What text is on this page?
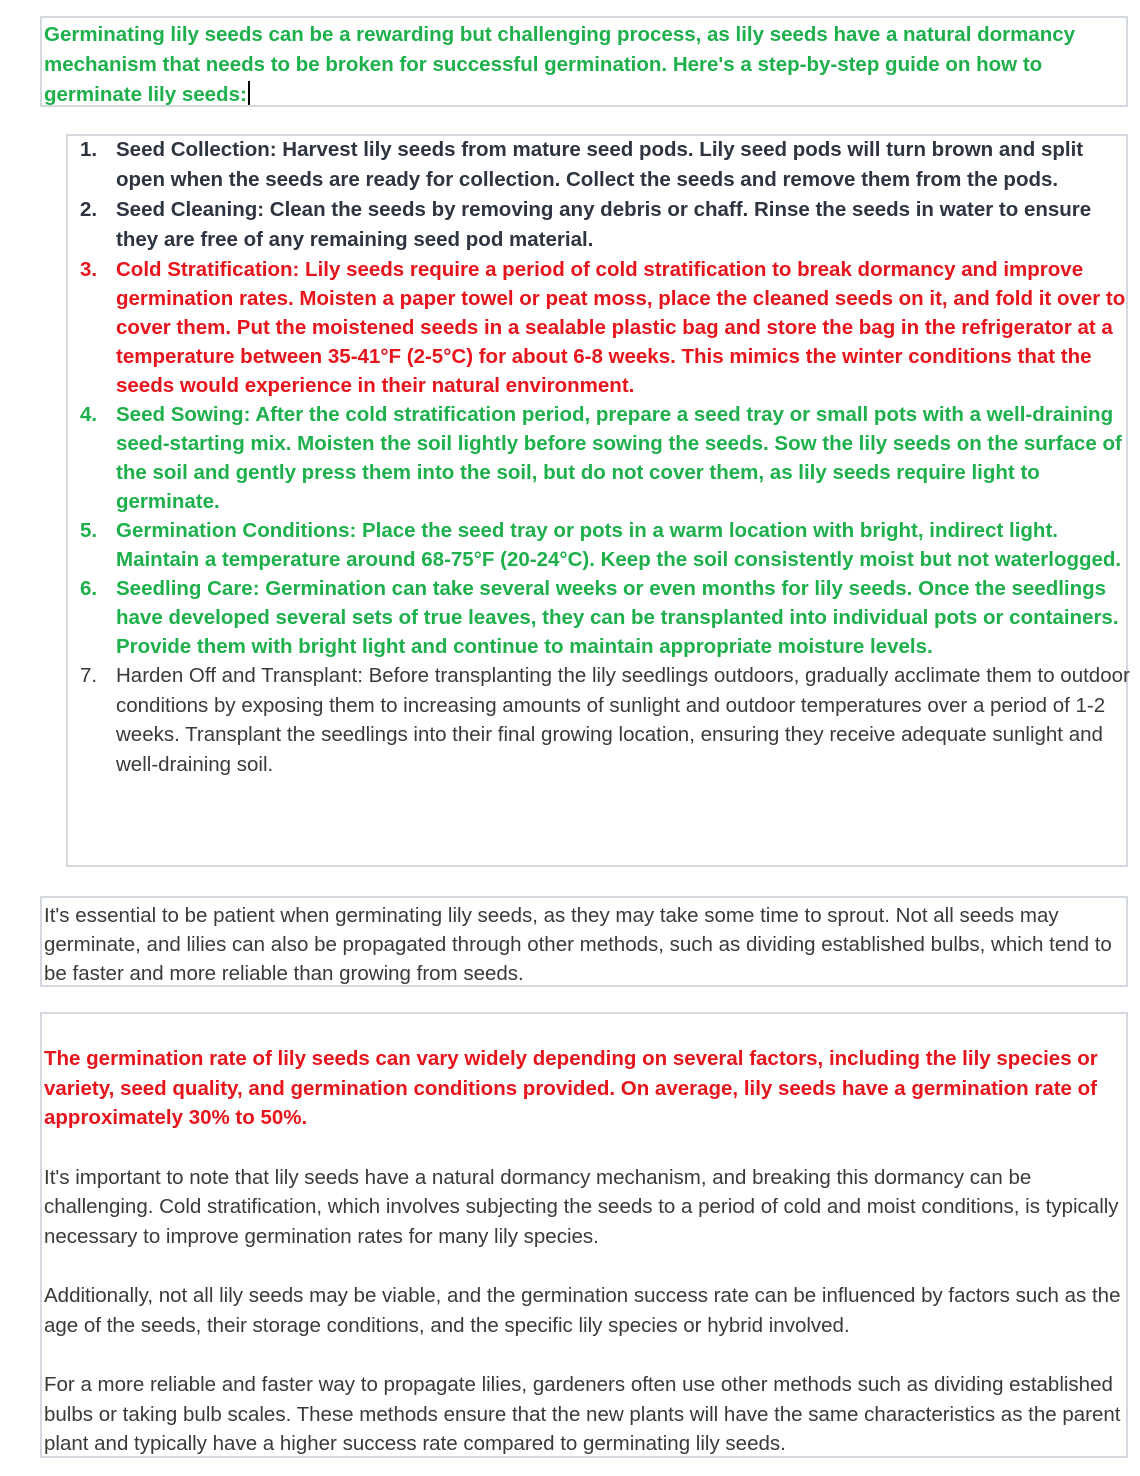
Germinating lily seeds can be a rewarding but challenging process, as lily seeds have a natural dormancy mechanism that needs to be broken for successful germination. Here's a step-by-step guide on how to germinate lily seeds:
1. Seed Collection: Harvest lily seeds from mature seed pods. Lily seed pods will turn brown and split open when the seeds are ready for collection. Collect the seeds and remove them from the pods.
2. Seed Cleaning: Clean the seeds by removing any debris or chaff. Rinse the seeds in water to ensure they are free of any remaining seed pod material.
3. Cold Stratification: Lily seeds require a period of cold stratification to break dormancy and improve germination rates. Moisten a paper towel or peat moss, place the cleaned seeds on it, and fold it over to cover them. Put the moistened seeds in a sealable plastic bag and store the bag in the refrigerator at a temperature between 35-41°F (2-5°C) for about 6-8 weeks. This mimics the winter conditions that the seeds would experience in their natural environment.
4. Seed Sowing: After the cold stratification period, prepare a seed tray or small pots with a well-draining seed-starting mix. Moisten the soil lightly before sowing the seeds. Sow the lily seeds on the surface of the soil and gently press them into the soil, but do not cover them, as lily seeds require light to germinate.
5. Germination Conditions: Place the seed tray or pots in a warm location with bright, indirect light. Maintain a temperature around 68-75°F (20-24°C). Keep the soil consistently moist but not waterlogged.
6. Seedling Care: Germination can take several weeks or even months for lily seeds. Once the seedlings have developed several sets of true leaves, they can be transplanted into individual pots or containers. Provide them with bright light and continue to maintain appropriate moisture levels.
7. Harden Off and Transplant: Before transplanting the lily seedlings outdoors, gradually acclimate them to outdoor conditions by exposing them to increasing amounts of sunlight and outdoor temperatures over a period of 1-2 weeks. Transplant the seedlings into their final growing location, ensuring they receive adequate sunlight and well-draining soil.
It's essential to be patient when germinating lily seeds, as they may take some time to sprout. Not all seeds may germinate, and lilies can also be propagated through other methods, such as dividing established bulbs, which tend to be faster and more reliable than growing from seeds.

The germination rate of lily seeds can vary widely depending on several factors, including the lily species or variety, seed quality, and germination conditions provided. On average, lily seeds have a germination rate of approximately 30% to 50%.

It's important to note that lily seeds have a natural dormancy mechanism, and breaking this dormancy can be challenging. Cold stratification, which involves subjecting the seeds to a period of cold and moist conditions, is typically necessary to improve germination rates for many lily species.

Additionally, not all lily seeds may be viable, and the germination success rate can be influenced by factors such as the age of the seeds, their storage conditions, and the specific lily species or hybrid involved.

For a more reliable and faster way to propagate lilies, gardeners often use other methods such as dividing established bulbs or taking bulb scales. These methods ensure that the new plants will have the same characteristics as the parent plant and typically have a higher success rate compared to germinating lily seeds.
